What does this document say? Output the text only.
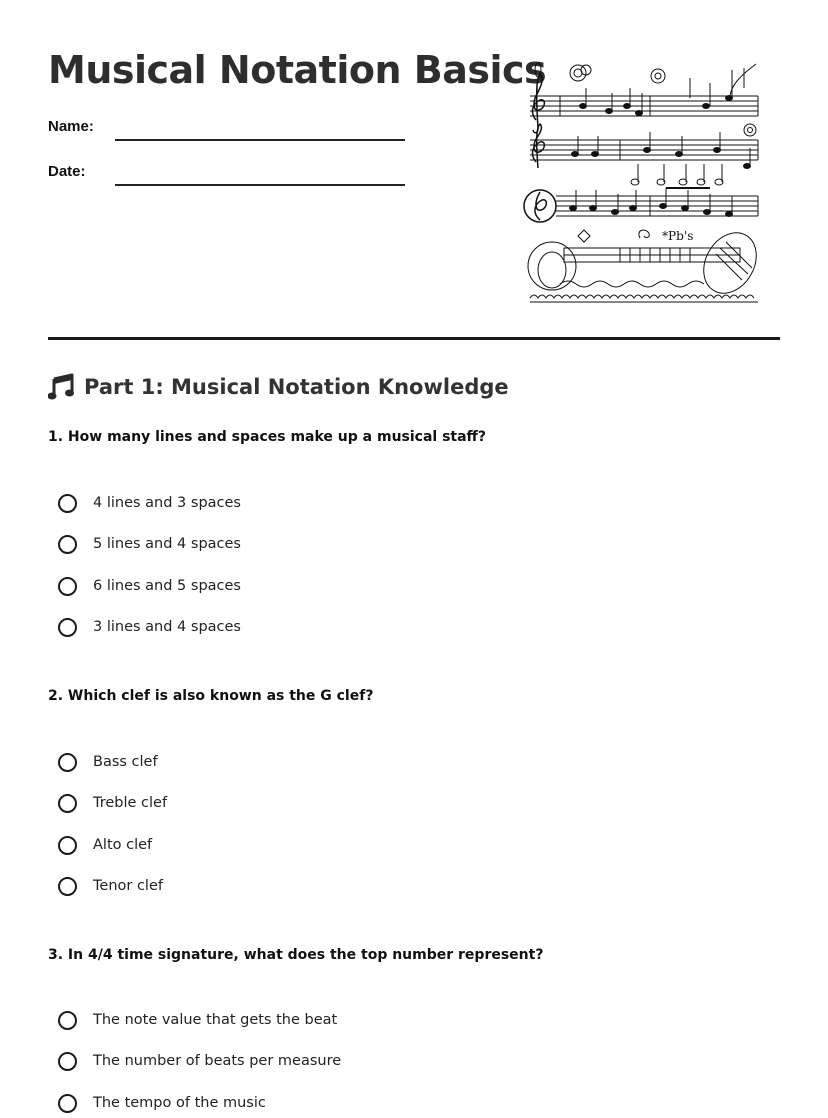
Musical Notation Basics
Name:
Date:
*Pb 's
Part 1: Musical Notation Knowledge

1. How many lines and spaces make up a musical staff?

4 lines and 3 spaces
5 lines and 4 spaces
6 lines and 5 spaces
3 lines and 4 spaces

2. Which clef is also known as the G clef?

Bass clef
Treble clef
Alto clef
Tenor clef

3. In 4/4 time signature, what does the top number represent?

The note value that gets the beat
The number of beats per measure
The tempo of the music
